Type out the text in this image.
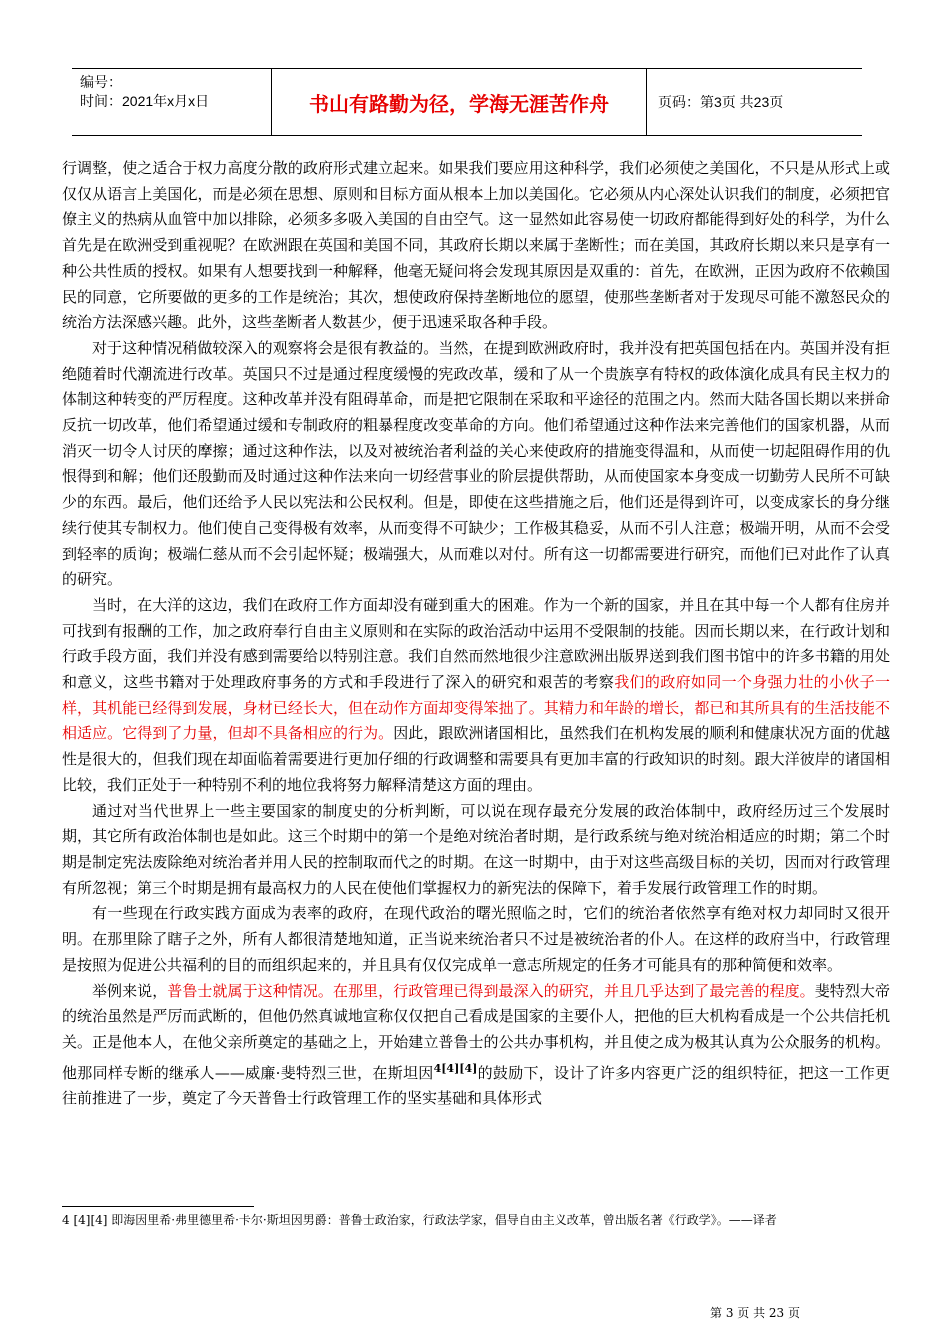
编号：
时间：2021年x月x日	书山有路勤为径，学海无涯苦作舟	页码：第3页 共23页

行调整，使之适合于权力高度分散的政府形式建立起来。如果我们要应用这种科学，我们必须使之美国化，不只是从形式上或仅仅从语言上美国化，而是必须在思想、原则和目标方面从根本上加以美国化。它必须从内心深处认识我们的制度，必须把官僚主义的热病从血管中加以排除，必须多多吸入美国的自由空气。这一显然如此容易使一切政府都能得到好处的科学，为什么首先是在欧洲受到重视呢？在欧洲跟在英国和美国不同，其政府长期以来属于垄断性；而在美国，其政府长期以来只是享有一种公共性质的授权。如果有人想要找到一种解释，他毫无疑问将会发现其原因是双重的：首先，在欧洲，正因为政府不依赖国民的同意，它所要做的更多的工作是统治；其次，想使政府保持垄断地位的愿望，使那些垄断者对于发现尽可能不激怒民众的统治方法深感兴趣。此外，这些垄断者人数甚少，便于迅速采取各种手段。

对于这种情况稍做较深入的观察将会是很有教益的。当然，在提到欧洲政府时，我并没有把英国包括在内。英国并没有拒绝随着时代潮流进行改革。英国只不过是通过程度缓慢的宪政改革，缓和了从一个贵族享有特权的政体演化成具有民主权力的体制这种转变的严厉程度。这种改革并没有阻碍革命，而是把它限制在采取和平途径的范围之内。然而大陆各国长期以来拼命反抗一切改革，他们希望通过缓和专制政府的粗暴程度改变革命的方向。他们希望通过这种作法来完善他们的国家机器，从而消灭一切令人讨厌的摩擦；通过这种作法，以及对被统治者利益的关心来使政府的措施变得温和，从而使一切起阻碍作用的仇恨得到和解；他们还殷勤而及时通过这种作法来向一切经营事业的阶层提供帮助，从而使国家本身变成一切勤劳人民所不可缺少的东西。最后，他们还给予人民以宪法和公民权利。但是，即使在这些措施之后，他们还是得到许可，以变成家长的身分继续行使其专制权力。他们使自己变得极有效率，从而变得不可缺少；工作极其稳妥，从而不引人注意；极端开明，从而不会受到轻率的质询；极端仁慈从而不会引起怀疑；极端强大，从而难以对付。所有这一切都需要进行研究，而他们已对此作了认真的研究。

当时，在大洋的这边，我们在政府工作方面却没有碰到重大的困难。作为一个新的国家，并且在其中每一个人都有住房并可找到有报酬的工作，加之政府奉行自由主义原则和在实际的政治活动中运用不受限制的技能。因而长期以来，在行政计划和行政手段方面，我们并没有感到需要给以特别注意。我们自然而然地很少注意欧洲出版界送到我们图书馆中的许多书籍的用处和意义，这些书籍对于处理政府事务的方式和手段进行了深入的研究和艰苦的考察我们的政府如同一个身强力壮的小伙子一样，其机能已经得到发展，身材已经长大，但在动作方面却变得笨拙了。其精力和年龄的增长，都已和其所具有的生活技能不相适应。它得到了力量，但却不具备相应的行为。因此，跟欧洲诸国相比，虽然我们在机构发展的顺利和健康状况方面的优越性是很大的，但我们现在却面临着需要进行更加仔细的行政调整和需要具有更加丰富的行政知识的时刻。跟大洋彼岸的诸国相比较，我们正处于一种特别不利的地位我将努力解释清楚这方面的理由。

通过对当代世界上一些主要国家的制度史的分析判断，可以说在现存最充分发展的政治体制中，政府经历过三个发展时期，其它所有政治体制也是如此。这三个时期中的第一个是绝对统治者时期，是行政系统与绝对统治相适应的时期；第二个时期是制定宪法废除绝对统治者并用人民的控制取而代之的时期。在这一时期中，由于对这些高级目标的关切，因而对行政管理有所忽视；第三个时期是拥有最高权力的人民在使他们掌握权力的新宪法的保障下，着手发展行政管理工作的时期。

有一些现在行政实践方面成为表率的政府，在现代政治的曙光照临之时，它们的统治者依然享有绝对权力却同时又很开明。在那里除了瞎子之外，所有人都很清楚地知道，正当说来统治者只不过是被统治者的仆人。在这样的政府当中，行政管理是按照为促进公共福利的目的而组织起来的，并且具有仅仅完成单一意志所规定的任务才可能具有的那种简便和效率。

举例来说，普鲁士就属于这种情况。在那里，行政管理已得到最深入的研究，并且几乎达到了最完善的程度。斐特烈大帝的统治虽然是严厉而武断的，但他仍然真诚地宣称仅仅把自己看成是国家的主要仆人，把他的巨大机构看成是一个公共信托机关。正是他本人，在他父亲所奠定的基础之上，开始建立普鲁士的公共办事机构，并且使之成为极其认真为公众服务的机构。他那同样专断的继承人——威廉·斐特烈三世，在斯坦因$^{4[4][4]}$的鼓励下，设计了许多内容更广泛的组织特征，把这一工作更往前推进了一步，奠定了今天普鲁士行政管理工作的坚实基础和具体形式

4 [4][4] 即海因里希·弗里德里希·卡尔·斯坦因男爵：普鲁士政治家，行政法学家，倡导自由主义改革，曾出版名著《行政学》。——译者
第 3 页 共 23 页
